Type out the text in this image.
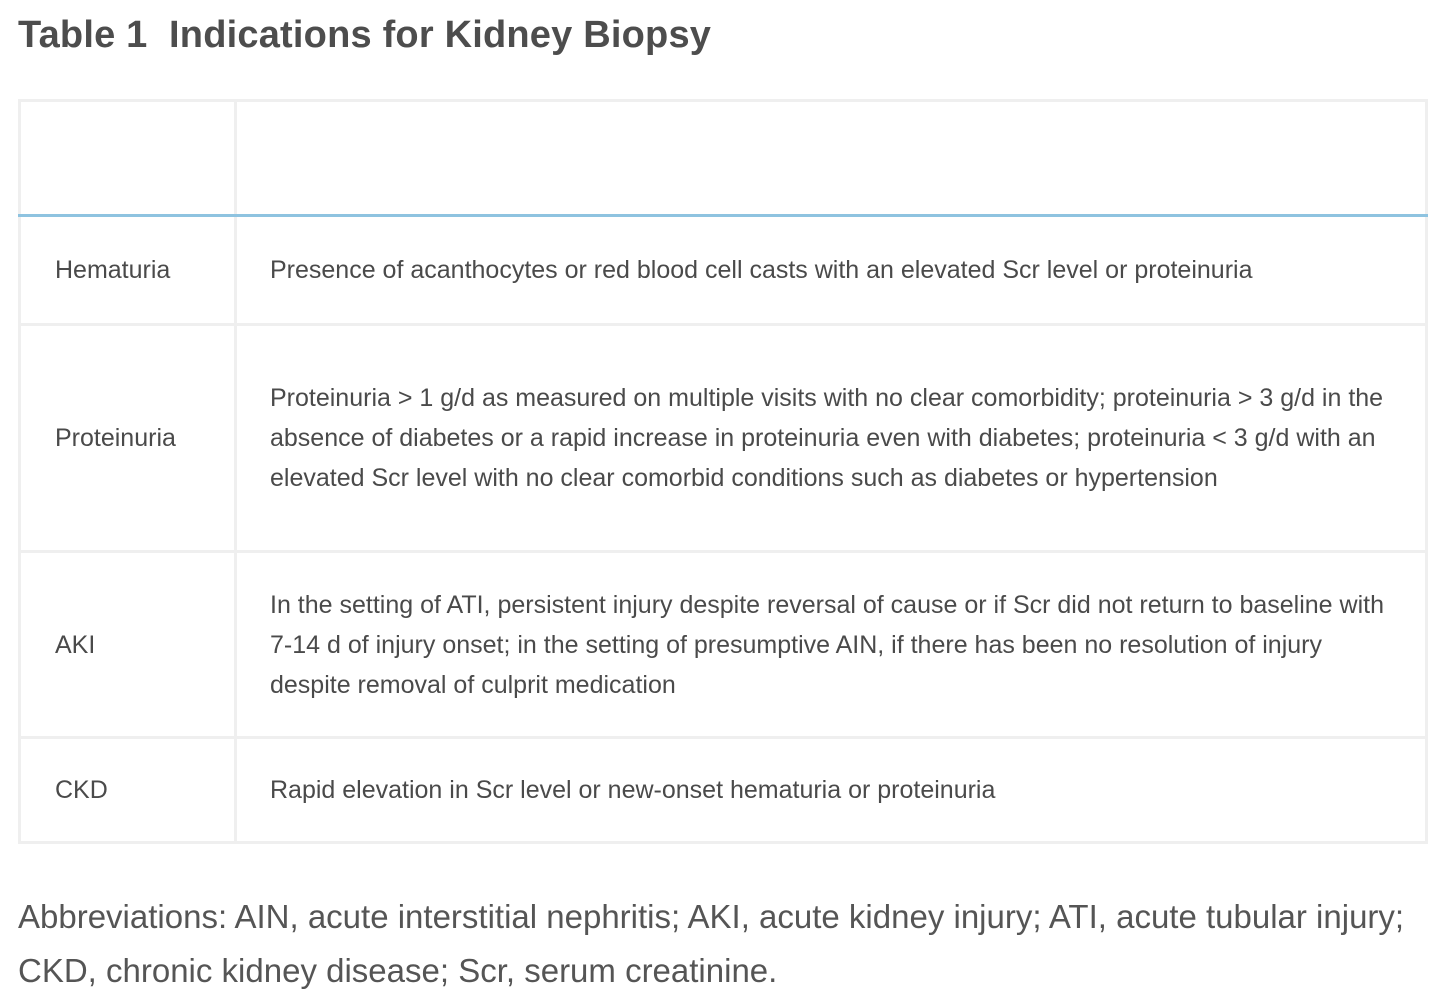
Table 1  Indications for Kidney Biopsy

Hematuria	Presence of acanthocytes or red blood cell casts with an elevated Scr level or proteinuria
Proteinuria	Proteinuria > 1 g/d as measured on multiple visits with no clear comorbidity; proteinuria > 3 g/d in the absence of diabetes or a rapid increase in proteinuria even with diabetes; proteinuria < 3 g/d with an elevated Scr level with no clear comorbid conditions such as diabetes or hypertension
AKI	In the setting of ATI, persistent injury despite reversal of cause or if Scr did not return to baseline with 7-14 d of injury onset; in the setting of presumptive AIN, if there has been no resolution of injury despite removal of culprit medication
CKD	Rapid elevation in Scr level or new-onset hematuria or proteinuria

Abbreviations: AIN, acute interstitial nephritis; AKI, acute kidney injury; ATI, acute tubular injury; CKD, chronic kidney disease; Scr, serum creatinine.
